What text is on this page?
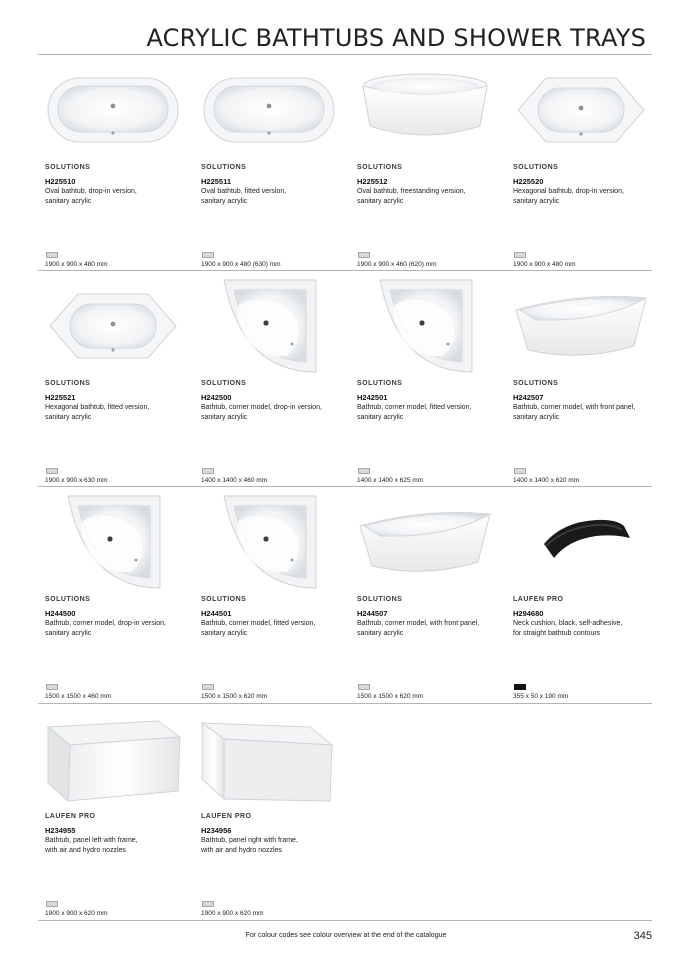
ACRYLIC BATHTUBS AND SHOWER TRAYS
SOLUTIONS
H225510
Oval bathtub, drop-in version,
sanitary acrylic
1900 x 900 x 480 mm
SOLUTIONS
H225511
Oval bathtub, fitted version,
sanitary acrylic
1900 x 900 x 480 (630) mm
SOLUTIONS
H225512
Oval bathtub, freestanding version,
sanitary acrylic
1900 x 900 x 460 (620) mm
SOLUTIONS
H225520
Hexagonal bathtub, drop-in version,
sanitary acrylic
1900 x 900 x 480 mm
SOLUTIONS
H225521
Hexagonal bathtub, fitted version,
sanitary acrylic
1900 x 900 x 630 mm
SOLUTIONS
H242500
Bathtub, corner model, drop-in version,
sanitary acrylic
1400 x 1400 x 460 mm
SOLUTIONS
H242501
Bathtub, corner model, fitted version,
sanitary acrylic
1400 x 1400 x 625 mm
SOLUTIONS
H242507
Bathtub, corner model, with front panel,
sanitary acrylic
1400 x 1400 x 620 mm
SOLUTIONS
H244500
Bathtub, corner model, drop-in version,
sanitary acrylic
1500 x 1500 x 460 mm
SOLUTIONS
H244501
Bathtub, corner model, fitted version,
sanitary acrylic
1500 x 1500 x 620 mm
SOLUTIONS
H244507
Bathtub, corner model, with front panel,
sanitary acrylic
1500 x 1500 x 620 mm
LAUFEN PRO
H294680
Neck cushion, black, self-adhesive,
for straight bathtub contours
355 x 50 x 190 mm
LAUFEN PRO
H234955
Bathtub, panel left with frame,
with air and hydro nozzles
1900 x 900 x 620 mm
LAUFEN PRO
H234956
Bathtub, panel right with frame,
with air and hydro nozzles
1900 x 900 x 620 mm
For colour codes see colour overview at the end of the catalogue	345
